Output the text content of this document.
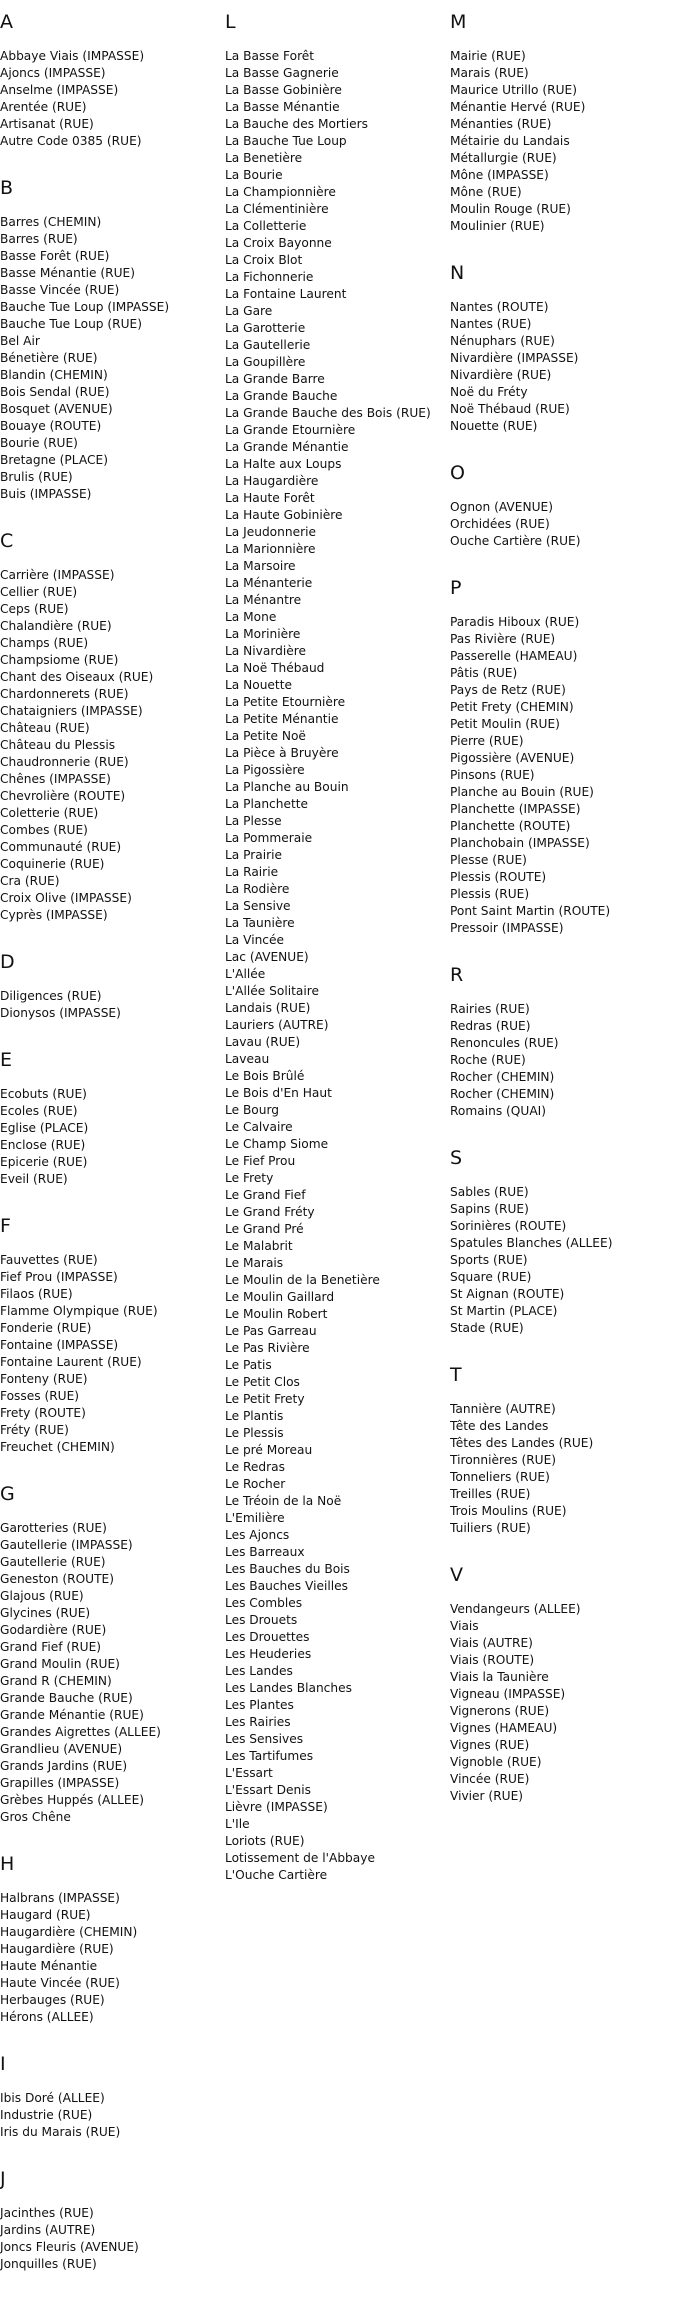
A
Abbaye Viais (IMPASSE)
Ajoncs (IMPASSE)
Anselme (IMPASSE)
Arentée (RUE)
Artisanat (RUE)
Autre Code 0385 (RUE)
B
Barres (CHEMIN)
Barres (RUE)
Basse Forêt (RUE)
Basse Ménantie (RUE)
Basse Vincée (RUE)
Bauche Tue Loup (IMPASSE)
Bauche Tue Loup (RUE)
Bel Air
Bénetière (RUE)
Blandin (CHEMIN)
Bois Sendal (RUE)
Bosquet (AVENUE)
Bouaye (ROUTE)
Bourie (RUE)
Bretagne (PLACE)
Brulis (RUE)
Buis (IMPASSE)
C
Carrière (IMPASSE)
Cellier (RUE)
Ceps (RUE)
Chalandière (RUE)
Champs (RUE)
Champsiome (RUE)
Chant des Oiseaux (RUE)
Chardonnerets (RUE)
Chataigniers (IMPASSE)
Château (RUE)
Château du Plessis
Chaudronnerie (RUE)
Chênes (IMPASSE)
Chevrolière (ROUTE)
Coletterie (RUE)
Combes (RUE)
Communauté (RUE)
Coquinerie (RUE)
Cra (RUE)
Croix Olive (IMPASSE)
Cyprès (IMPASSE)
D
Diligences (RUE)
Dionysos (IMPASSE)
E
Ecobuts (RUE)
Ecoles (RUE)
Eglise (PLACE)
Enclose (RUE)
Epicerie (RUE)
Eveil (RUE)
F
Fauvettes (RUE)
Fief Prou (IMPASSE)
Filaos (RUE)
Flamme Olympique (RUE)
Fonderie (RUE)
Fontaine (IMPASSE)
Fontaine Laurent (RUE)
Fonteny (RUE)
Fosses (RUE)
Frety (ROUTE)
Fréty (RUE)
Freuchet (CHEMIN)
G
Garotteries (RUE)
Gautellerie (IMPASSE)
Gautellerie (RUE)
Geneston (ROUTE)
Glajous (RUE)
Glycines (RUE)
Godardière (RUE)
Grand Fief (RUE)
Grand Moulin (RUE)
Grand R (CHEMIN)
Grande Bauche (RUE)
Grande Ménantie (RUE)
Grandes Aigrettes (ALLEE)
Grandlieu (AVENUE)
Grands Jardins (RUE)
Grapilles (IMPASSE)
Grèbes Huppés (ALLEE)
Gros Chêne
H
Halbrans (IMPASSE)
Haugard (RUE)
Haugardière (CHEMIN)
Haugardière (RUE)
Haute Ménantie
Haute Vincée (RUE)
Herbauges (RUE)
Hérons (ALLEE)
I
Ibis Doré (ALLEE)
Industrie (RUE)
Iris du Marais (RUE)
J
Jacinthes (RUE)
Jardins (AUTRE)
Joncs Fleuris (AVENUE)
Jonquilles (RUE)
L
La Basse Forêt
La Basse Gagnerie
La Basse Gobinière
La Basse Ménantie
La Bauche des Mortiers
La Bauche Tue Loup
La Benetière
La Bourie
La Championnière
La Clémentinière
La Colletterie
La Croix Bayonne
La Croix Blot
La Fichonnerie
La Fontaine Laurent
La Gare
La Garotterie
La Gautellerie
La Goupillère
La Grande Barre
La Grande Bauche
La Grande Bauche des Bois (RUE)
La Grande Etournière
La Grande Ménantie
La Halte aux Loups
La Haugardière
La Haute Forêt
La Haute Gobinière
La Jeudonnerie
La Marionnière
La Marsoire
La Ménanterie
La Ménantre
La Mone
La Morinière
La Nivardière
La Noë Thébaud
La Nouette
La Petite Etournière
La Petite Ménantie
La Petite Noë
La Pièce à Bruyère
La Pigossière
La Planche au Bouin
La Planchette
La Plesse
La Pommeraie
La Prairie
La Rairie
La Rodière
La Sensive
La Taunière
La Vincée
Lac (AVENUE)
L'Allée
L'Allée Solitaire
Landais (RUE)
Lauriers (AUTRE)
Lavau (RUE)
Laveau
Le Bois Brûlé
Le Bois d'En Haut
Le Bourg
Le Calvaire
Le Champ Siome
Le Fief Prou
Le Frety
Le Grand Fief
Le Grand Fréty
Le Grand Pré
Le Malabrit
Le Marais
Le Moulin de la Benetière
Le Moulin Gaillard
Le Moulin Robert
Le Pas Garreau
Le Pas Rivière
Le Patis
Le Petit Clos
Le Petit Frety
Le Plantis
Le Plessis
Le pré Moreau
Le Redras
Le Rocher
Le Tréoin de la Noë
L'Emilière
Les Ajoncs
Les Barreaux
Les Bauches du Bois
Les Bauches Vieilles
Les Combles
Les Drouets
Les Drouettes
Les Heuderies
Les Landes
Les Landes Blanches
Les Plantes
Les Rairies
Les Sensives
Les Tartifumes
L'Essart
L'Essart Denis
Lièvre (IMPASSE)
L'Ile
Loriots (RUE)
Lotissement de l'Abbaye
L'Ouche Cartière
M
Mairie (RUE)
Marais (RUE)
Maurice Utrillo (RUE)
Ménantie Hervé (RUE)
Ménanties (RUE)
Métairie du Landais
Métallurgie (RUE)
Mône (IMPASSE)
Mône (RUE)
Moulin Rouge (RUE)
Moulinier (RUE)
N
Nantes (ROUTE)
Nantes (RUE)
Nénuphars (RUE)
Nivardière (IMPASSE)
Nivardière (RUE)
Noë du Fréty
Noë Thébaud (RUE)
Nouette (RUE)
O
Ognon (AVENUE)
Orchidées (RUE)
Ouche Cartière (RUE)
P
Paradis Hiboux (RUE)
Pas Rivière (RUE)
Passerelle (HAMEAU)
Pâtis (RUE)
Pays de Retz (RUE)
Petit Frety (CHEMIN)
Petit Moulin (RUE)
Pierre (RUE)
Pigossière (AVENUE)
Pinsons (RUE)
Planche au Bouin (RUE)
Planchette (IMPASSE)
Planchette (ROUTE)
Planchobain (IMPASSE)
Plesse (RUE)
Plessis (ROUTE)
Plessis (RUE)
Pont Saint Martin (ROUTE)
Pressoir (IMPASSE)
R
Rairies (RUE)
Redras (RUE)
Renoncules (RUE)
Roche (RUE)
Rocher (CHEMIN)
Rocher (CHEMIN)
Romains (QUAI)
S
Sables (RUE)
Sapins (RUE)
Sorinières (ROUTE)
Spatules Blanches (ALLEE)
Sports (RUE)
Square (RUE)
St Aignan (ROUTE)
St Martin (PLACE)
Stade (RUE)
T
Tannière (AUTRE)
Tête des Landes
Têtes des Landes (RUE)
Tironnières (RUE)
Tonneliers (RUE)
Treilles (RUE)
Trois Moulins (RUE)
Tuiliers (RUE)
V
Vendangeurs (ALLEE)
Viais
Viais (AUTRE)
Viais (ROUTE)
Viais la Taunière
Vigneau (IMPASSE)
Vignerons (RUE)
Vignes (HAMEAU)
Vignes (RUE)
Vignoble (RUE)
Vincée (RUE)
Vivier (RUE)
